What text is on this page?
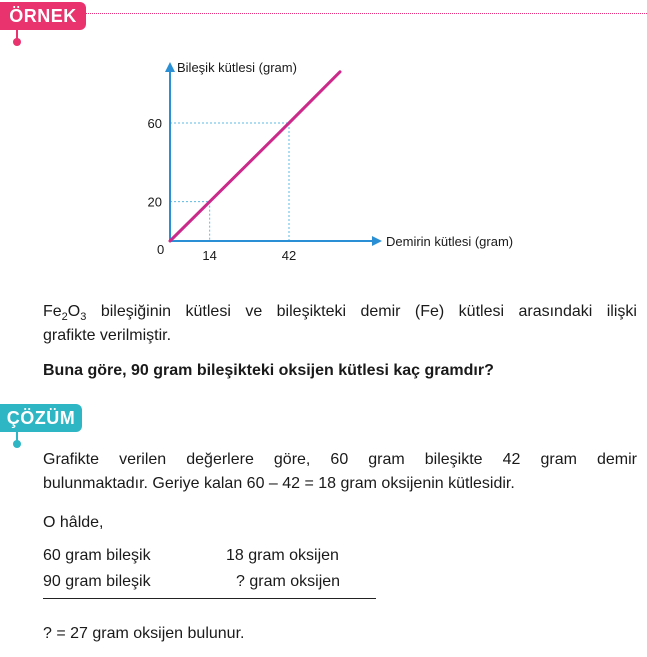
ÖRNEK
Bileşik kütlesi (gram)
Demirin kütlesi (gram)
0	14	42
20
60
$Fe_2O_3$ bileşiğinin kütlesi ve bileşikteki demir (Fe) kütlesi arasındaki ilişki
grafikte verilmiştir.
Buna göre, 90 gram bileşikteki oksijen kütlesi kaç gramdır?
ÇÖZÜM
Grafikte verilen değerlere göre, 60 gram bileşikte 42 gram demir
bulunmaktadır. Geriye kalan 60 – 42 = 18 gram oksijenin kütlesidir.
O hâlde,
60 gram bileşik	18 gram oksijen
90 gram bileşik	? gram oksijen
? = 27 gram oksijen bulunur.
